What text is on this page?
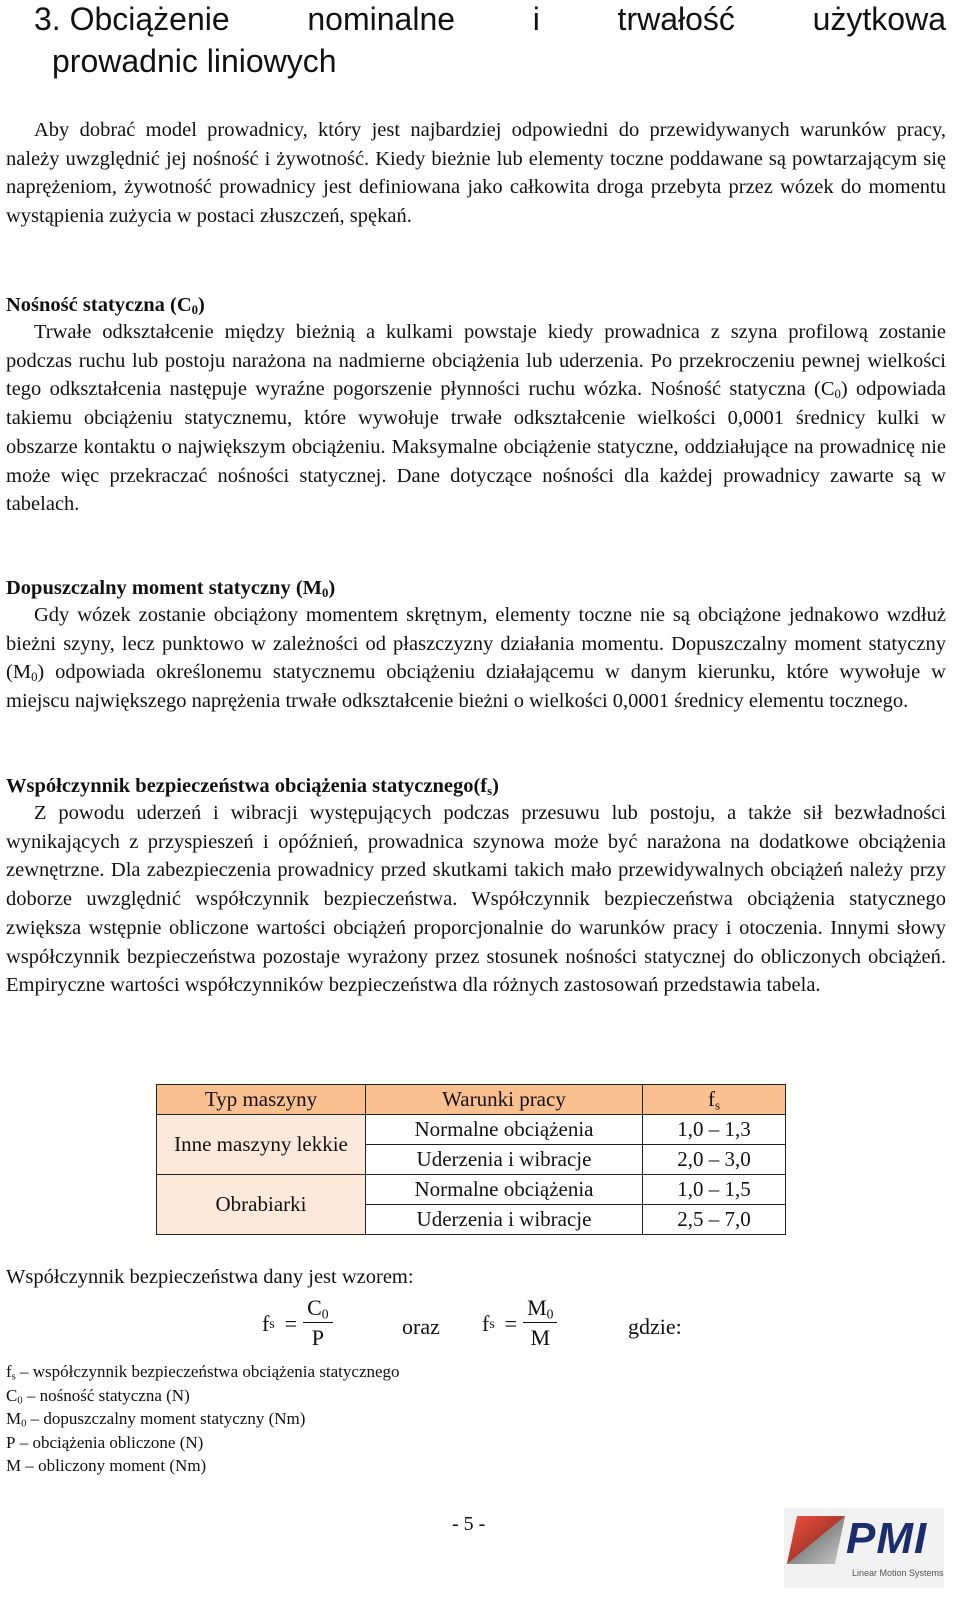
3. Obciążenie nominalne i trwałość użytkowa
prowadnic liniowych

Aby dobrać model prowadnicy, który jest najbardziej odpowiedni do przewidywanych warunków pracy, należy uwzględnić jej nośność i żywotność. Kiedy bieżnie lub elementy toczne poddawane są powtarzającym się naprężeniom, żywotność prowadnicy jest definiowana jako całkowita droga przebyta przez wózek do momentu wystąpienia zużycia w postaci złuszczeń, spękań.

Nośność statyczna $(C_0)$

Trwałe odkształcenie między bieżnią a kulkami powstaje kiedy prowadnica z szyna profilową zostanie podczas ruchu lub postoju narażona na nadmierne obciążenia lub uderzenia. Po przekroczeniu pewnej wielkości tego odkształcenia następuje wyraźne pogorszenie płynności ruchu wózka. Nośność statyczna $(C_0)$ odpowiada takiemu obciążeniu statycznemu, które wywołuje trwałe odkształcenie wielkości 0,0001 średnicy kulki w obszarze kontaktu o największym obciążeniu. Maksymalne obciążenie statyczne, oddziałujące na prowadnicę nie może więc przekraczać nośności statycznej. Dane dotyczące nośności dla każdej prowadnicy zawarte są w tabelach.

Dopuszczalny moment statyczny $(M_0)$

Gdy wózek zostanie obciążony momentem skrętnym, elementy toczne nie są obciążone jednakowo wzdłuż bieżni szyny, lecz punktowo w zależności od płaszczyzny działania momentu. Dopuszczalny moment statyczny $(M_0)$ odpowiada określonemu statycznemu obciążeniu działającemu w danym kierunku, które wywołuje w miejscu największego naprężenia trwałe odkształcenie bieżni o wielkości 0,0001 średnicy elementu tocznego.

Współczynnik bezpieczeństwa obciążenia $statycznego(f_s)$

Z powodu uderzeń i wibracji występujących podczas przesuwu lub postoju, a także sił bezwładności wynikających z przyspieszeń i opóźnień, prowadnica szynowa może być narażona na dodatkowe obciążenia zewnętrzne. Dla zabezpieczenia prowadnicy przed skutkami takich mało przewidywalnych obciążeń należy przy doborze uwzględnić współczynnik bezpieczeństwa. Współczynnik bezpieczeństwa obciążenia statycznego zwiększa wstępnie obliczone wartości obciążeń proporcjonalnie do warunków pracy i otoczenia. Innymi słowy współczynnik bezpieczeństwa pozostaje wyrażony przez stosunek nośności statycznej do obliczonych obciążeń. Empiryczne wartości współczynników bezpieczeństwa dla różnych zastosowań przedstawia tabela.

Typ maszyny	Warunki pracy	$f_s$
Inne maszyny lekkie	Normalne obciążenia	1,0 – 1,3
	Uderzenia i wibracje	2,0 – 3,0
Obrabiarki	Normalne obciążenia	1,0 – 1,5
	Uderzenia i wibracje	2,5 – 7,0

Współczynnik bezpieczeństwa dany jest wzorem:

f $s = \frac{C_0}{P}$	oraz f $s = \frac{M_0}{M}$	gdzie:
$f_s$ – współczynnik bezpieczeństwa obciążenia statycznego
$C_0$ – nośność statyczna (N)
$M_0$ – dopuszczalny moment statyczny (Nm)
P – obciążenia obliczone (N)
M – obliczony moment (Nm)
- 5 -	PMI
Linear Motion Systems
